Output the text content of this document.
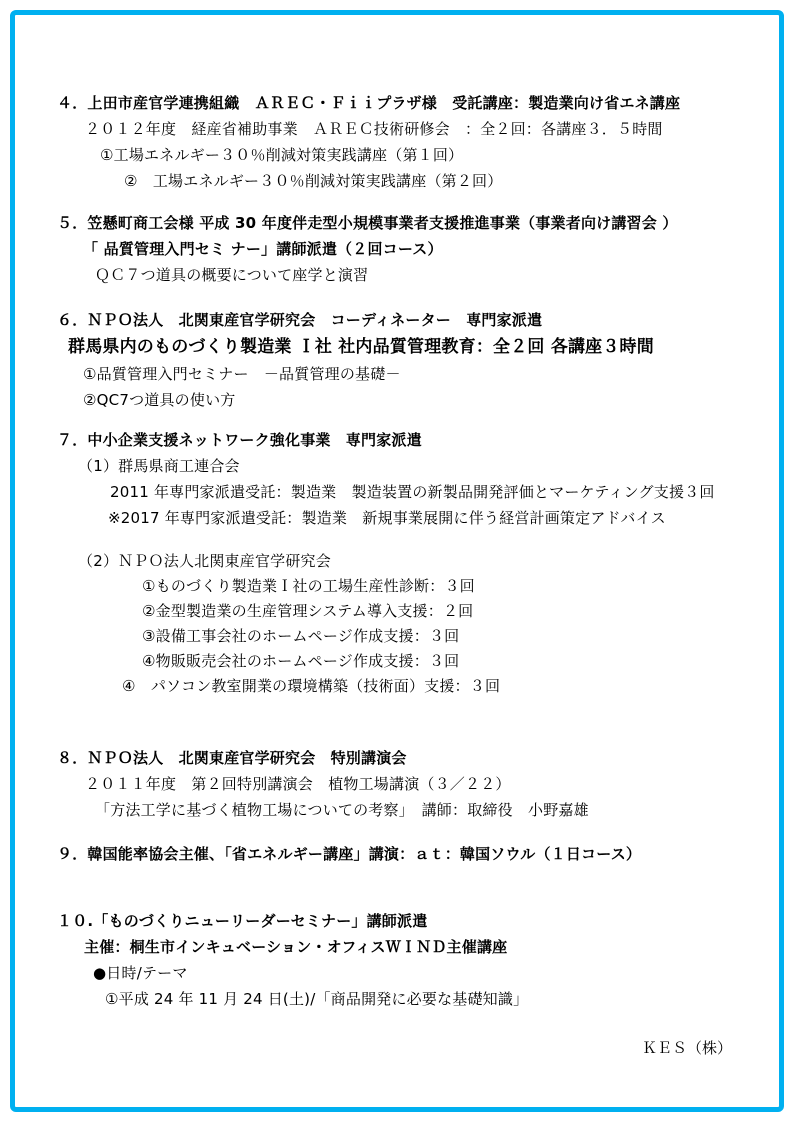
４．上田市産官学連携組織　ＡＲＥＣ・Ｆｉｉプラザ様　受託講座：製造業向け省エネ講座
２０１２年度　経産省補助事業　ＡＲＥＣ技術研修会　：全２回：各講座３．５時間
①工場エネルギー３０％削減対策実践講座（第１回）
②　工場エネルギー３０％削減対策実践講座（第２回）
５．笠懸町商工会様 平成 30 年度伴走型小規模事業者支援推進事業（事業者向け講習会 ）
「 品質管理入門セミ ナー」講師派遣（２回コース）
ＱＣ７つ道具の概要について座学と演習
６．ＮＰＯ法人　北関東産官学研究会　コーディネーター　専門家派遣
群馬県内のものづくり製造業 Ｉ社 社内品質管理教育：全２回 各講座３時間
①品質管理入門セミナー　－品質管理の基礎－
②QC7つ道具の使い方
７．中小企業支援ネットワーク強化事業　専門家派遣
（1）群馬県商工連合会
2011 年専門家派遣受託：製造業　製造装置の新製品開発評価とマーケティング支援３回
※2017 年専門家派遣受託：製造業　新規事業展開に伴う経営計画策定アドバイス
（2）ＮＰＯ法人北関東産官学研究会
①ものづくり製造業Ｉ社の工場生産性診断：３回
②金型製造業の生産管理システム導入支援：２回
③設備工事会社のホームページ作成支援：３回
④物販販売会社のホームページ作成支援：３回
④　パソコン教室開業の環境構築（技術面）支援：３回
８．ＮＰＯ法人　北関東産官学研究会　特別講演会
２０１１年度　第２回特別講演会　植物工場講演（３／２２）
「方法工学に基づく植物工場についての考察」　講師：取締役　小野嘉雄
９．韓国能率協会主催、「省エネルギー講座」講演：ａｔ：韓国ソウル（１日コース）
１０.「ものづくりニューリーダーセミナー」講師派遣
主催：桐生市インキュベーション・オフィスＷＩＮＤ主催講座
●日時/テーマ
①平成 24 年 11 月 24 日(土)/「商品開発に必要な基礎知識」
ＫＥＳ（株）
